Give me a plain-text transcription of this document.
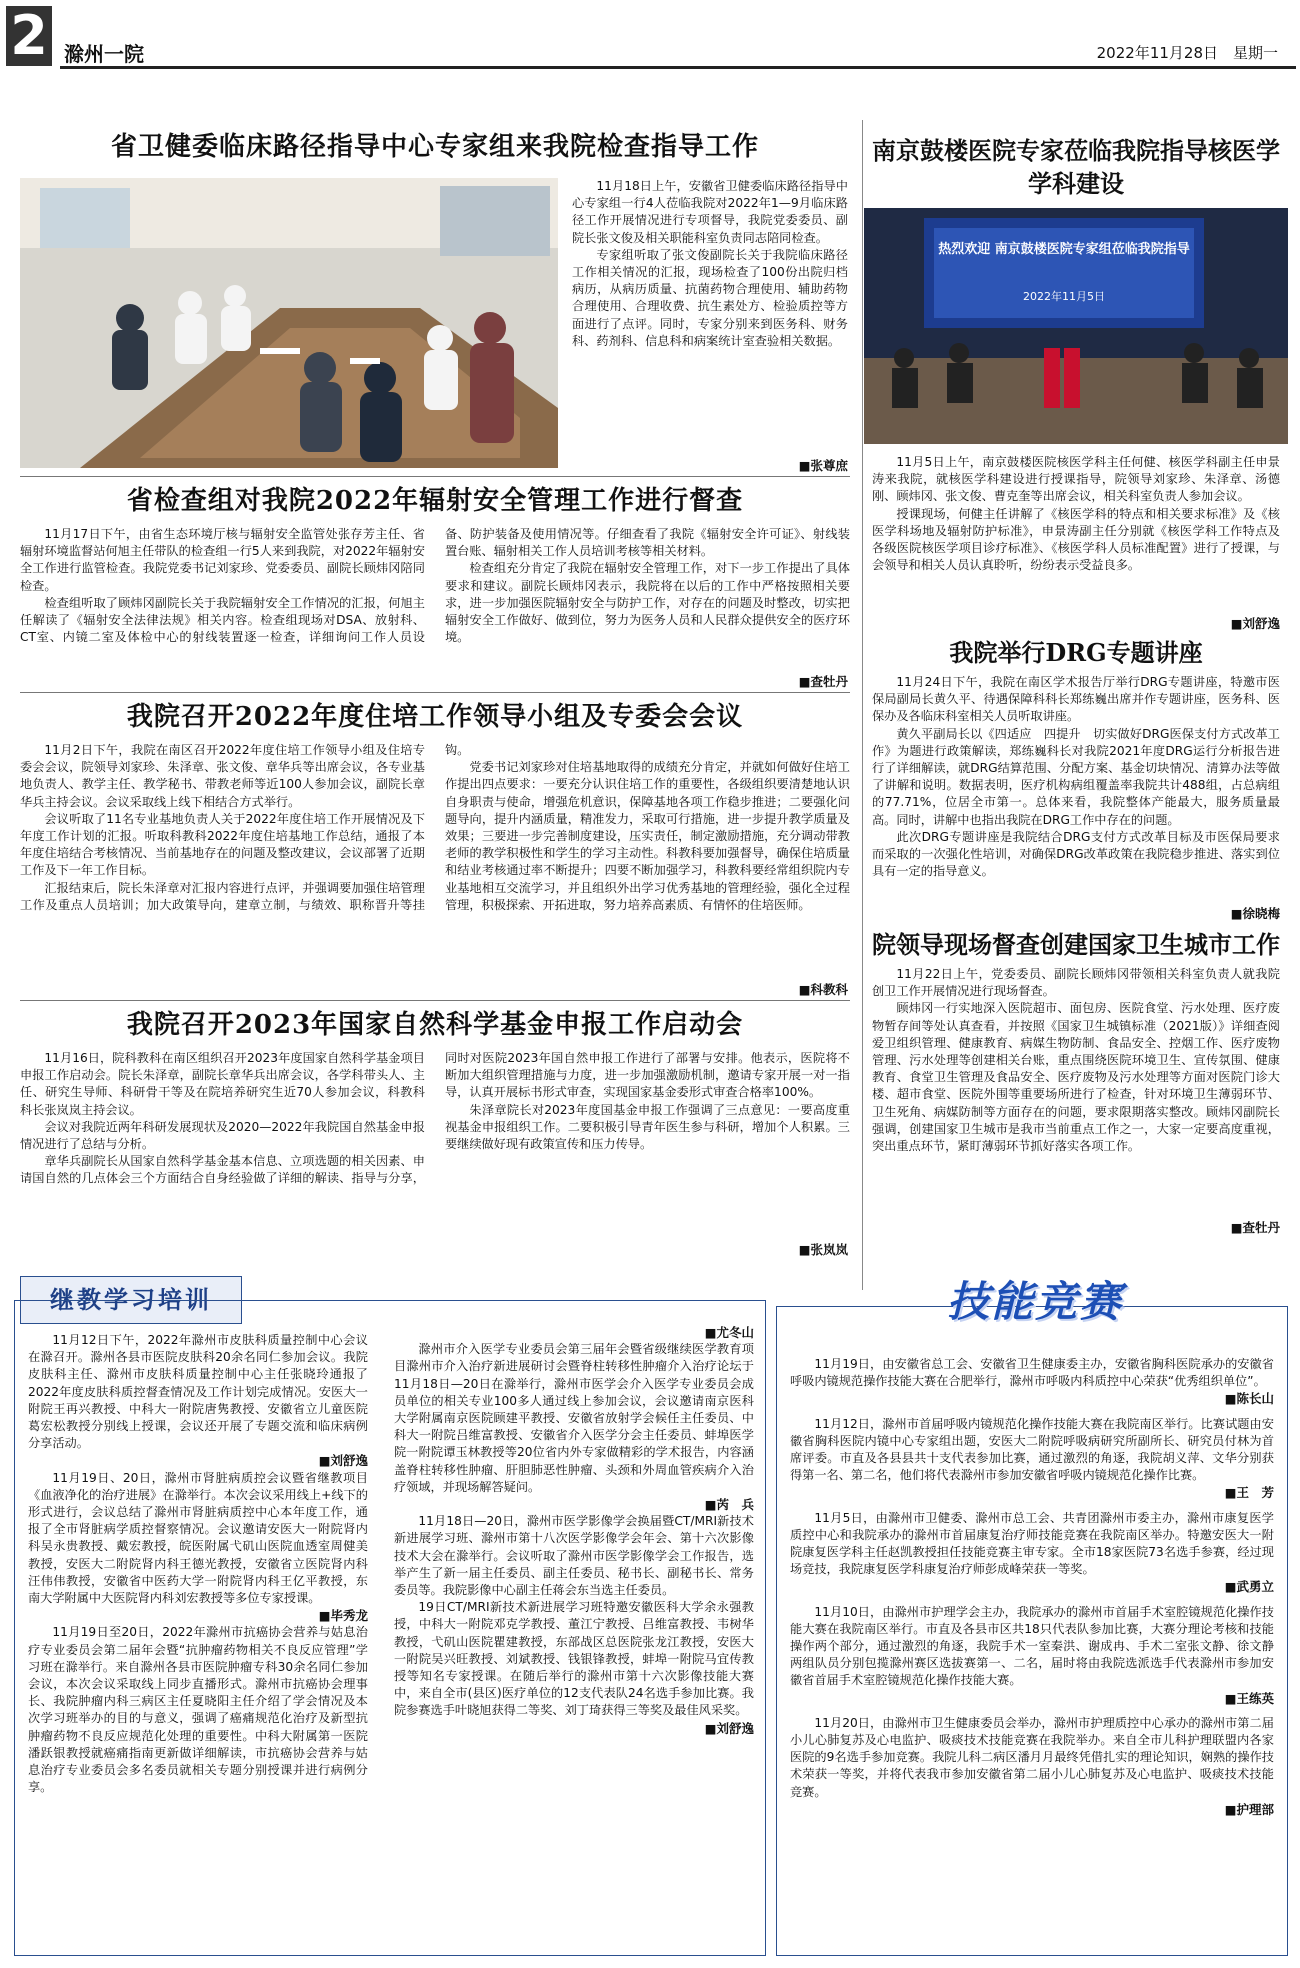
2 滁州一院	2022年11月28日　星期一
省卫健委临床路径指导中心专家组来我院检查指导工作

11月18日上午，安徽省卫健委临床路径指导中心专家组一行4人莅临我院对2022年1—9月临床路径工作开展情况进行专项督导，我院党委委员、副院长张文俊及相关职能科室负责同志陪同检查。

专家组听取了张文俊副院长关于我院临床路径工作相关情况的汇报，现场检查了100份出院归档病历，从病历质量、抗菌药物合理使用、辅助药物合理使用、合理收费、抗生素处方、检验质控等方面进行了点评。同时，专家分别来到医务科、财务科、药剂科、信息科和病案统计室查验相关数据。

■张尊庶
省检查组对我院2022年辐射安全管理工作进行督查

11月17日下午，由省生态环境厅核与辐射安全监管处张存芳主任、省辐射环境监督站何旭主任带队的检查组一行5人来到我院，对2022年辐射安全工作进行监管检查。我院党委书记刘家珍、党委委员、副院长顾炜冈陪同检查。

检查组听取了顾炜冈副院长关于我院辐射安全工作情况的汇报，何旭主任解读了《辐射安全法律法规》相关内容。检查组现场对DSA、放射科、CT室、内镜二室及体检中心的射线装置逐一检查，详细询问工作人员设备、防护装备及使用情况等。仔细查看了我院《辐射安全许可证》、射线装置台账、辐射相关工作人员培训考核等相关材料。

检查组充分肯定了我院在辐射安全管理工作，对下一步工作提出了具体要求和建议。副院长顾炜冈表示，我院将在以后的工作中严格按照相关要求，进一步加强医院辐射安全与防护工作，对存在的问题及时整改，切实把辐射安全工作做好、做到位，努力为医务人员和人民群众提供安全的医疗环境。

■查牡丹
我院召开2022年度住培工作领导小组及专委会会议

11月2日下午，我院在南区召开2022年度住培工作领导小组及住培专委会会议，院领导刘家珍、朱泽章、张文俊、章华兵等出席会议，各专业基地负责人、教学主任、教学秘书、带教老师等近100人参加会议，副院长章华兵主持会议。会议采取线上线下相结合方式举行。

会议听取了11名专业基地负责人关于2022年度住培工作开展情况及下年度工作计划的汇报。听取科教科2022年度住培基地工作总结，通报了本年度住培结合考核情况、当前基地存在的问题及整改建议，会议部署了近期工作及下一年工作目标。

汇报结束后，院长朱泽章对汇报内容进行点评，并强调要加强住培管理工作及重点人员培训；加大政策导向，建章立制，与绩效、职称晋升等挂钩。

党委书记刘家珍对住培基地取得的成绩充分肯定，并就如何做好住培工作提出四点要求：一要充分认识住培工作的重要性，各级组织要清楚地认识自身职责与使命，增强危机意识，保障基地各项工作稳步推进；二要强化问题导向，提升内涵质量，精准发力，采取可行措施，进一步提升教学质量及效果；三要进一步完善制度建设，压实责任，制定激励措施，充分调动带教老师的教学积极性和学生的学习主动性。科教科要加强督导，确保住培质量和结业考核通过率不断提升；四要不断加强学习，科教科要经常组织院内专业基地相互交流学习，并且组织外出学习优秀基地的管理经验，强化全过程管理，积极探索、开拓进取，努力培养高素质、有情怀的住培医师。

■科教科
我院召开2023年国家自然科学基金申报工作启动会

11月16日，院科教科在南区组织召开2023年度国家自然科学基金项目申报工作启动会。院长朱泽章，副院长章华兵出席会议，各学科带头人、主任、研究生导师、科研骨干等及在院培养研究生近70人参加会议，科教科科长张岚岚主持会议。

会议对我院近两年科研发展现状及2020—2022年我院国自然基金申报情况进行了总结与分析。

章华兵副院长从国家自然科学基金基本信息、立项选题的相关因素、申请国自然的几点体会三个方面结合自身经验做了详细的解读、指导与分享，同时对医院2023年国自然申报工作进行了部署与安排。他表示，医院将不断加大组织管理措施与力度，进一步加强激励机制，邀请专家开展一对一指导，认真开展标书形式审查，实现国家基金委形式审查合格率100%。

朱泽章院长对2023年度国基金申报工作强调了三点意见：一要高度重视基金申报组织工作。二要积极引导青年医生参与科研，增加个人积累。三要继续做好现有政策宣传和压力传导。

■张岚岚
南京鼓楼医院专家莅临我院指导核医学学科建设
热烈欢迎 南京鼓楼医院专家组莅临我院指导
2022年11月5日

11月5日上午，南京鼓楼医院核医学科主任何健、核医学科副主任申景涛来我院，就核医学科建设进行授课指导，院领导刘家珍、朱泽章、汤德刚、顾炜冈、张文俊、曹克奎等出席会议，相关科室负责人参加会议。

授课现场，何健主任讲解了《核医学科的特点和相关要求标准》及《核医学科场地及辐射防护标准》，申景涛副主任分别就《核医学科工作特点及各级医院核医学项目诊疗标准》、《核医学科人员标准配置》进行了授课，与会领导和相关人员认真聆听，纷纷表示受益良多。

■刘舒逸
我院举行DRG专题讲座

11月24日下午，我院在南区学术报告厅举行DRG专题讲座，特邀市医保局副局长黄久平、待遇保障科科长郑练巍出席并作专题讲座，医务科、医保办及各临床科室相关人员听取讲座。

黄久平副局长以《四适应　四提升　切实做好DRG医保支付方式改革工作》为题进行政策解读，郑练巍科长对我院2021年度DRG运行分析报告进行了详细解读，就DRG结算范围、分配方案、基金切块情况、清算办法等做了讲解和说明。数据表明，医疗机构病组覆盖率我院共计488组，占总病组的77.71%，位居全市第一。总体来看，我院整体产能最大，服务质量最高。同时，讲解中也指出我院在DRG工作中存在的问题。

此次DRG专题讲座是我院结合DRG支付方式改革目标及市医保局要求而采取的一次强化性培训，对确保DRG改革政策在我院稳步推进、落实到位具有一定的指导意义。

■徐晓梅
院领导现场督查创建国家卫生城市工作

11月22日上午，党委委员、副院长顾炜冈带领相关科室负责人就我院创卫工作开展情况进行现场督查。

顾炜冈一行实地深入医院超市、面包房、医院食堂、污水处理、医疗废物暂存间等处认真查看，并按照《国家卫生城镇标准（2021版）》详细查阅爱卫组织管理、健康教育、病媒生物防制、食品安全、控烟工作、医疗废物管理、污水处理等创建相关台账，重点围绕医院环境卫生、宣传氛围、健康教育、食堂卫生管理及食品安全、医疗废物及污水处理等方面对医院门诊大楼、超市食堂、医院外围等重要场所进行了检查，针对环境卫生薄弱环节、卫生死角、病媒防制等方面存在的问题，要求限期落实整改。顾炜冈副院长强调，创建国家卫生城市是我市当前重点工作之一，大家一定要高度重视，突出重点环节，紧盯薄弱环节抓好落实各项工作。

■查牡丹
继教学习培训

11月12日下午，2022年滁州市皮肤科质量控制中心会议在滁召开。滁州各县市医院皮肤科20余名同仁参加会议。我院皮肤科主任、滁州市皮肤科质量控制中心主任张晓玲通报了2022年度皮肤科质控督查情况及工作计划完成情况。安医大一附院王再兴教授、中科大一附院唐隽教授、安徽省立儿童医院葛宏松教授分别线上授课，会议还开展了专题交流和临床病例分享活动。

■刘舒逸

11月19日、20日，滁州市肾脏病质控会议暨省继教项目《血液净化的治疗进展》在滁举行。本次会议采用线上+线下的形式进行，会议总结了滁州市肾脏病质控中心本年度工作，通报了全市肾脏病学质控督察情况。会议邀请安医大一附院肾内科吴永贵教授、戴宏教授，皖医附属弋矶山医院血透室周健美教授，安医大二附院肾内科王德光教授，安徽省立医院肾内科汪伟伟教授，安徽省中医药大学一附院肾内科王亿平教授，东南大学附属中大医院肾内科刘宏教授等多位专家授课。

■毕秀龙

11月19日至20日，2022年滁州市抗癌协会营养与姑息治疗专业委员会第二届年会暨“抗肿瘤药物相关不良反应管理”学习班在滁举行。来自滁州各县市医院肿瘤专科30余名同仁参加会议，本次会议采取线上同步直播形式。滁州市抗癌协会理事长、我院肿瘤内科三病区主任夏晓阳主任介绍了学会情况及本次学习班举办的目的与意义，强调了癌痛规范化治疗及新型抗肿瘤药物不良反应规范化处理的重要性。中科大附属第一医院潘跃银教授就癌痛指南更新做详细解读，市抗癌协会营养与姑息治疗专业委员会多名委员就相关专题分别授课并进行病例分享。

■尤冬山

滁州市介入医学专业委员会第三届年会暨省级继续医学教育项目滁州市介入治疗新进展研讨会暨脊柱转移性肿瘤介入治疗论坛于11月18日—20日在滁举行，滁州市医学会介入医学专业委员会成员单位的相关专业100多人通过线上参加会议，会议邀请南京医科大学附属南京医院顾建平教授、安徽省放射学会候任主任委员、中科大一附院吕维富教授、安徽省介入医学分会主任委员、蚌埠医学院一附院谭玉林教授等20位省内外专家做精彩的学术报告，内容涵盖脊柱转移性肿瘤、肝胆肺恶性肿瘤、头颈和外周血管疾病介入治疗领域，并现场解答疑问。

■芮　兵

11月18日—20日，滁州市医学影像学会换届暨CT/MRI新技术新进展学习班、滁州市第十八次医学影像学会年会、第十六次影像技术大会在滁举行。会议听取了滁州市医学影像学会工作报告，选举产生了新一届主任委员、副主任委员、秘书长、副秘书长、常务委员等。我院影像中心副主任蒋会东当选主任委员。

19日CT/MRI新技术新进展学习班特邀安徽医科大学余永强教授，中科大一附院邓克学教授、董江宁教授、吕维富教授、韦树华教授，弋矶山医院瞿建教授，东部战区总医院张龙江教授，安医大一附院吴兴旺教授、刘斌教授、钱银锋教授，蚌埠一附院马宜传教授等知名专家授课。在随后举行的滁州市第十六次影像技能大赛中，来自全市(县区)医疗单位的12支代表队24名选手参加比赛。我院参赛选手叶晓旭获得二等奖、刘丁琦获得三等奖及最佳风采奖。

■刘舒逸
技能竞赛

11月19日，由安徽省总工会、安徽省卫生健康委主办，安徽省胸科医院承办的安徽省呼吸内镜规范操作技能大赛在合肥举行，滁州市呼吸内科质控中心荣获“优秀组织单位”。

■陈长山

11月12日，滁州市首届呼吸内镜规范化操作技能大赛在我院南区举行。比赛试题由安徽省胸科医院内镜中心专家组出题，安医大二附院呼吸病研究所副所长、研究员付林为首席评委。市直及各县县共十支代表参加比赛，通过激烈的角逐，我院胡义萍、文华分别获得第一名、第二名，他们将代表滁州市参加安徽省呼吸内镜规范化操作比赛。

■王　芳

11月5日，由滁州市卫健委、滁州市总工会、共青团滁州市委主办，滁州市康复医学质控中心和我院承办的滁州市首届康复治疗师技能竞赛在我院南区举办。特邀安医大一附院康复医学科主任赵凯教授担任技能竞赛主审专家。全市18家医院73名选手参赛，经过现场竞技，我院康复医学科康复治疗师彭成峰荣获一等奖。

■武勇立

11月10日，由滁州市护理学会主办，我院承办的滁州市首届手术室腔镜规范化操作技能大赛在我院南区举行。市直及各县市区共18只代表队参加比赛，大赛分理论考核和技能操作两个部分，通过激烈的角逐，我院手术一室秦洪、谢成冉、手术二室张文静、徐文静两组队员分别包揽滁州赛区选拔赛第一、二名，届时将由我院选派选手代表滁州市参加安徽省首届手术室腔镜规范化操作技能大赛。

■王练英

11月20日，由滁州市卫生健康委员会举办，滁州市护理质控中心承办的滁州市第二届小儿心肺复苏及心电监护、吸痰技术技能竞赛在我院举办。来自全市儿科护理联盟内各家医院的9名选手参加竞赛。我院儿科二病区潘月月最终凭借扎实的理论知识，娴熟的操作技术荣获一等奖，并将代表我市参加安徽省第二届小儿心肺复苏及心电监护、吸痰技术技能竞赛。

■护理部
